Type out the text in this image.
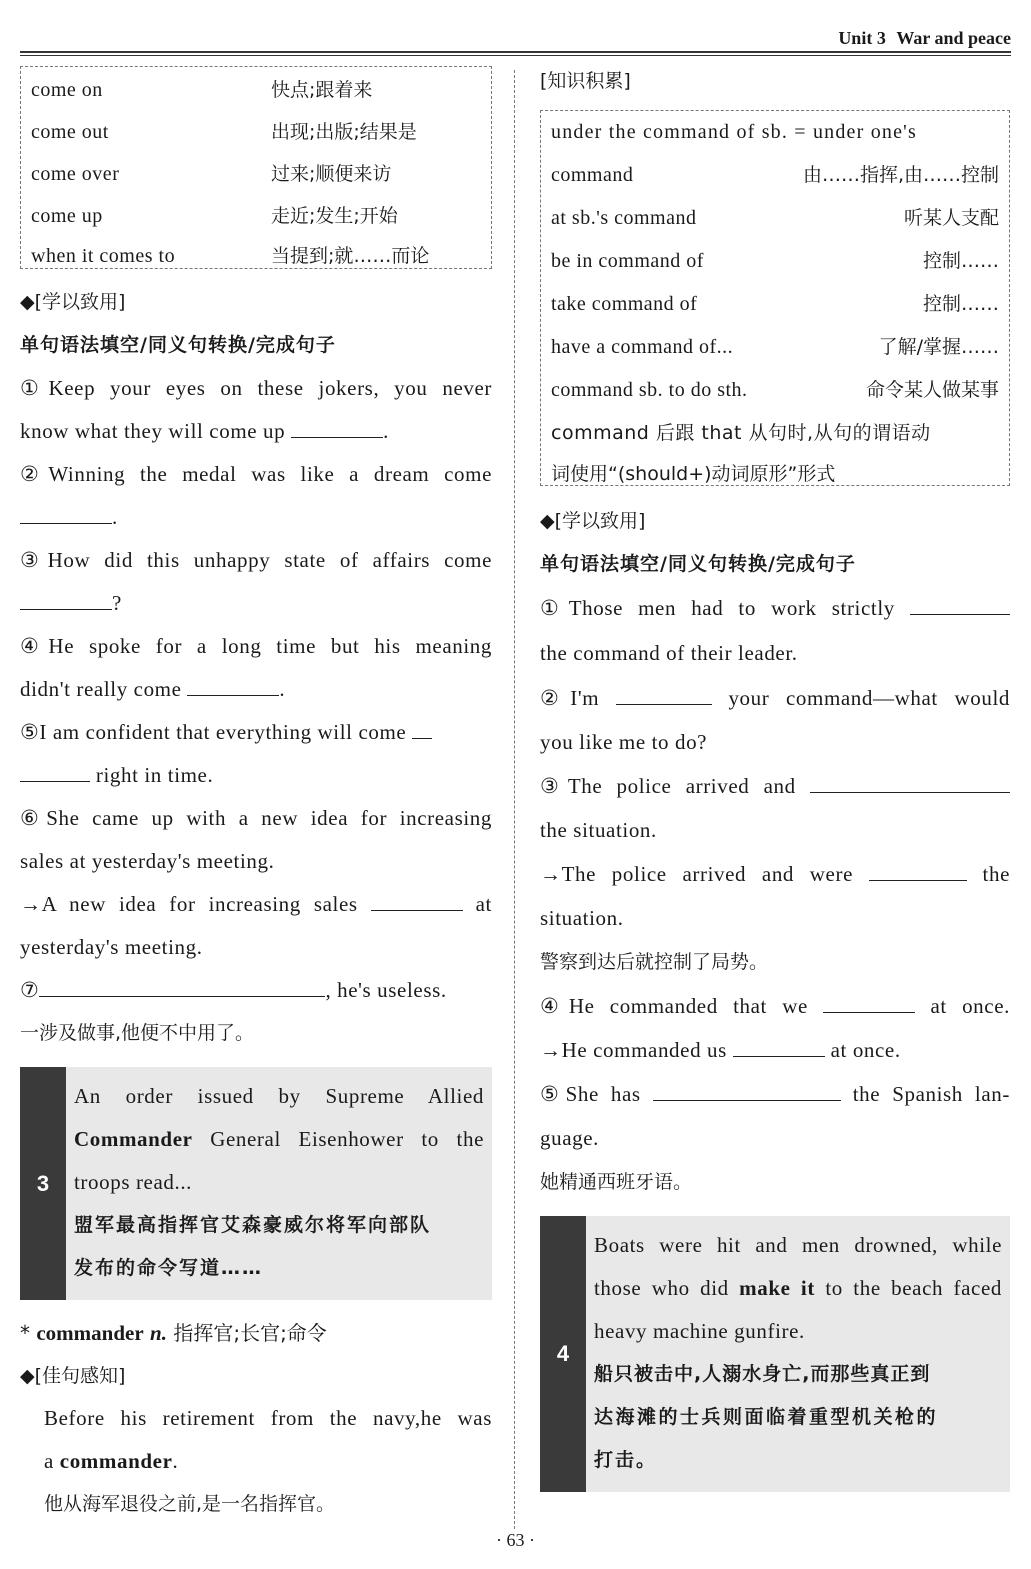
Unit 3 War and peace
come on	快点;跟着来
come out	出现;出版;结果是
come over	过来;顺便来访
come up	走近;发生;开始
when it comes to	当提到;就……而论
◆[学以致用]
单句语法填空/同义句转换/完成句子
①Keep your eyes on these jokers, you never
know what they will come up	.
②Winning the medal was like a dream come
.
③How did this unhappy state of affairs come
?
④He spoke for a long time but his meaning
didn't really come	.
⑤I am confident that everything will come
right in time.
⑥She came up with a new idea for increasing
sales at yesterday's meeting.
→A new idea for increasing sales	at
yesterday's meeting.
⑦	, he's useless.
一涉及做事,他便不中用了。
3
An order issued by Supreme Allied
Commander General Eisenhower to the
troops read...
盟军最高指挥官艾森豪威尔将军向部队
发布的命令写道……
* commander n. 指挥官;长官;命令
◆[佳句感知]
Before his retirement from the navy,he was
a commander.
他从海军退役之前,是一名指挥官。
[知识积累]
under the command of sb. = under one's
command	由……指挥,由……控制
at sb.'s command	听某人支配
be in command of	控制……
take command of	控制……
have a command of...	了解/掌握……
command sb. to do sth.	命令某人做某事
command 后跟 that 从句时,从句的谓语动
词使用“(should+)动词原形”形式
◆[学以致用]
单句语法填空/同义句转换/完成句子
①Those men had to work strictly
the command of their leader.
②I'm	your command—what would
you like me to do?
③The police arrived and
the situation.
→The police arrived and were	the
situation.
警察到达后就控制了局势。
④He commanded that we	at once.
→He commanded us	at once.
⑤She has	the Spanish lan-
guage.
她精通西班牙语。
4
Boats were hit and men drowned, while
those who did make it to the beach faced
heavy machine gunfire.
船只被击中,人溺水身亡,而那些真正到
达海滩的士兵则面临着重型机关枪的
打击。
· 63 ·
